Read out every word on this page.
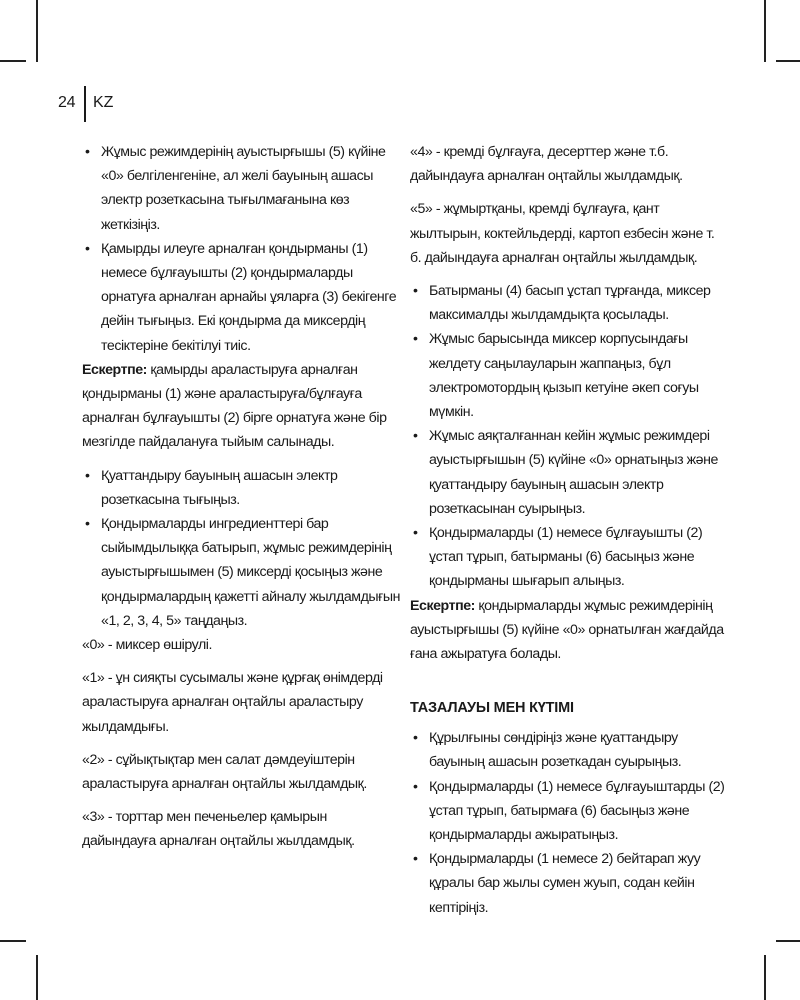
24 KZ
• Жұмыс режимдерінің ауыстырғышы (5) күйіне «0» белгіленгеніне, ал желі бауының ашасы электр розеткасына тығылмағанына көз жеткізіңіз.
• Қамырды илеуге арналған қондырманы (1) немесе бұлғауышты (2) қондырмаларды орнатуға арналған арнайы ұяларға (3) бекігенге дейін тығыңыз. Екі қондырма да миксердің тесіктеріне бекітілуі тиіс.

Ескертпе: қамырды араластыруға арналған қондырманы (1) және араластыруға/бұлғауға арналған бұлғауышты (2) бірге орнатуға және бір мезгілде пайдалануға тыйым салынады.

• Қуаттандыру бауының ашасын электр розеткасына тығыңыз.
• Қондырмаларды ингредиенттері бар сыйымдылыққа батырып, жұмыс режимдерінің ауыстырғышымен (5) миксерді қосыңыз және қондырмалардың қажетті айналу жылдамдығын «1, 2, 3, 4, 5» таңдаңыз.

«0» - миксер өшірулі.

«1» - ұн сияқты сусымалы және құрғақ өнімдерді араластыруға арналған оңтайлы араластыру жылдамдығы.

«2» - сұйықтықтар мен салат дәмдеуіштерін араластыруға арналған оңтайлы жылдамдық.

«3» - торттар мен печеньелер қамырын дайындауға арналған оңтайлы жылдамдық.

«4» - кремді бұлғауға, десерттер және т.б. дайындауға арналған оңтайлы жылдамдық.

«5» - жұмыртқаны, кремді бұлғауға, қант жылтырын, коктейльдерді, картоп езбесін және т. б. дайындауға арналған оңтайлы жылдамдық.

• Батырманы (4) басып ұстап тұрғанда, миксер максималды жылдамдықта қосылады.
• Жұмыс барысында миксер корпусындағы желдету саңылауларын жаппаңыз, бұл электромотордың қызып кетуіне әкеп соғуы мүмкін.
• Жұмыс аяқталғаннан кейін жұмыс режимдері ауыстырғышын (5) күйіне «0» орнатыңыз және қуаттандыру бауының ашасын электр розеткасынан суырыңыз.
• Қондырмаларды (1) немесе бұлғауышты (2) ұстап тұрып, батырманы (6) басыңыз және қондырманы шығарып алыңыз.

Ескертпе: қондырмаларды жұмыс режимдерінің ауыстырғышы (5) күйіне «0» орнатылған жағдайда ғана ажыратуға болады.

ТАЗАЛАУЫ МЕН КҮТІМІ
• Құрылғыны сөндіріңіз және қуаттандыру бауының ашасын розеткадан суырыңыз.
• Қондырмаларды (1) немесе бұлғауыштарды (2) ұстап тұрып, батырмаға (6) басыңыз және қондырмаларды ажыратыңыз.
• Қондырмаларды (1 немесе 2) бейтарап жуу құралы бар жылы сумен жуып, содан кейін кептіріңіз.
